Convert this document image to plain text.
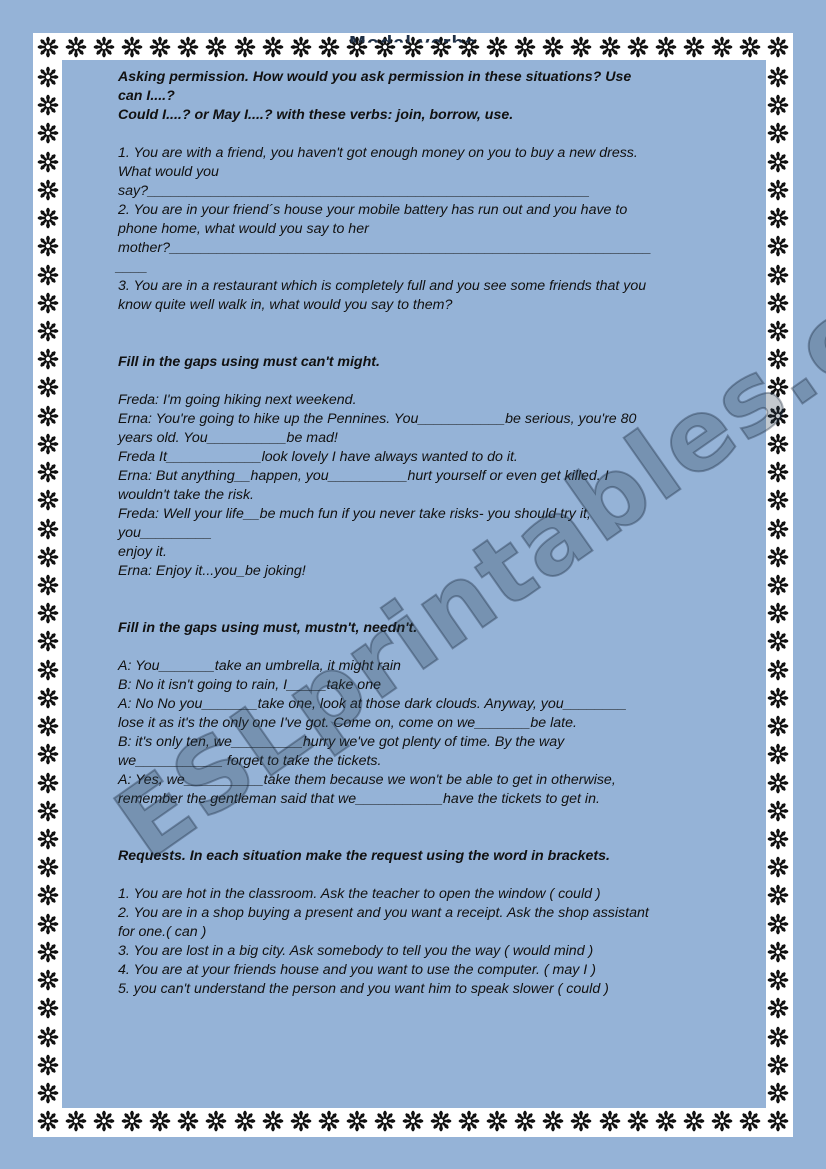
Asking permission. How would you ask permission in these situations? Use

can I....?

Could I....? or May I....? with these verbs: join, borrow, use.

1. You are with a friend, you haven't got enough money on you to buy a new dress.

What would you

say?________________________________________________________

2. You are in your friend´s house your mobile battery has run out and you have to

phone home, what would you say to her

mother?_____________________________________________________________

____

3. You are in a restaurant which is completely full and you see some friends that you

know quite well walk in, what would you say to them?

Fill in the gaps using must can't might.

Freda: I'm going hiking next weekend.

Erna: You're going to hike up the Pennines. You___________be serious, you're 80

years old. You__________be mad!

Freda It____________look lovely I have always wanted to do it.

Erna: But anything__happen, you__________hurt yourself or even get killed. I

wouldn't take the risk.

Freda: Well your life__be much fun if you never take risks- you should try it,

you_________

enjoy it.

Erna: Enjoy it...you_be joking!

Fill in the gaps using must, mustn't, needn't.

A: You_______take an umbrella, it might rain

B: No it isn't going to rain, I_____take one

A: No No you_______take one, look at those dark clouds. Anyway, you________

lose it as it's the only one I've got. Come on, come on we_______be late.

B: it's only ten, we_________hurry we've got plenty of time. By the way

we___________ forget to take the tickets.

A: Yes, we__________take them because we won't be able to get in otherwise,

remember the gentleman said that we___________have the tickets to get in.

Requests. In each situation make the request using the word in brackets.

1. You are hot in the classroom. Ask the teacher to open the window ( could )

2. You are in a shop buying a present and you want a receipt. Ask the shop assistant

for one.( can )

3. You are lost in a big city. Ask somebody to tell you the way ( would mind )

4. You are at your friends house and you want to use the computer. ( may I )

5. you can't understand the person and you want him to speak slower ( could )
